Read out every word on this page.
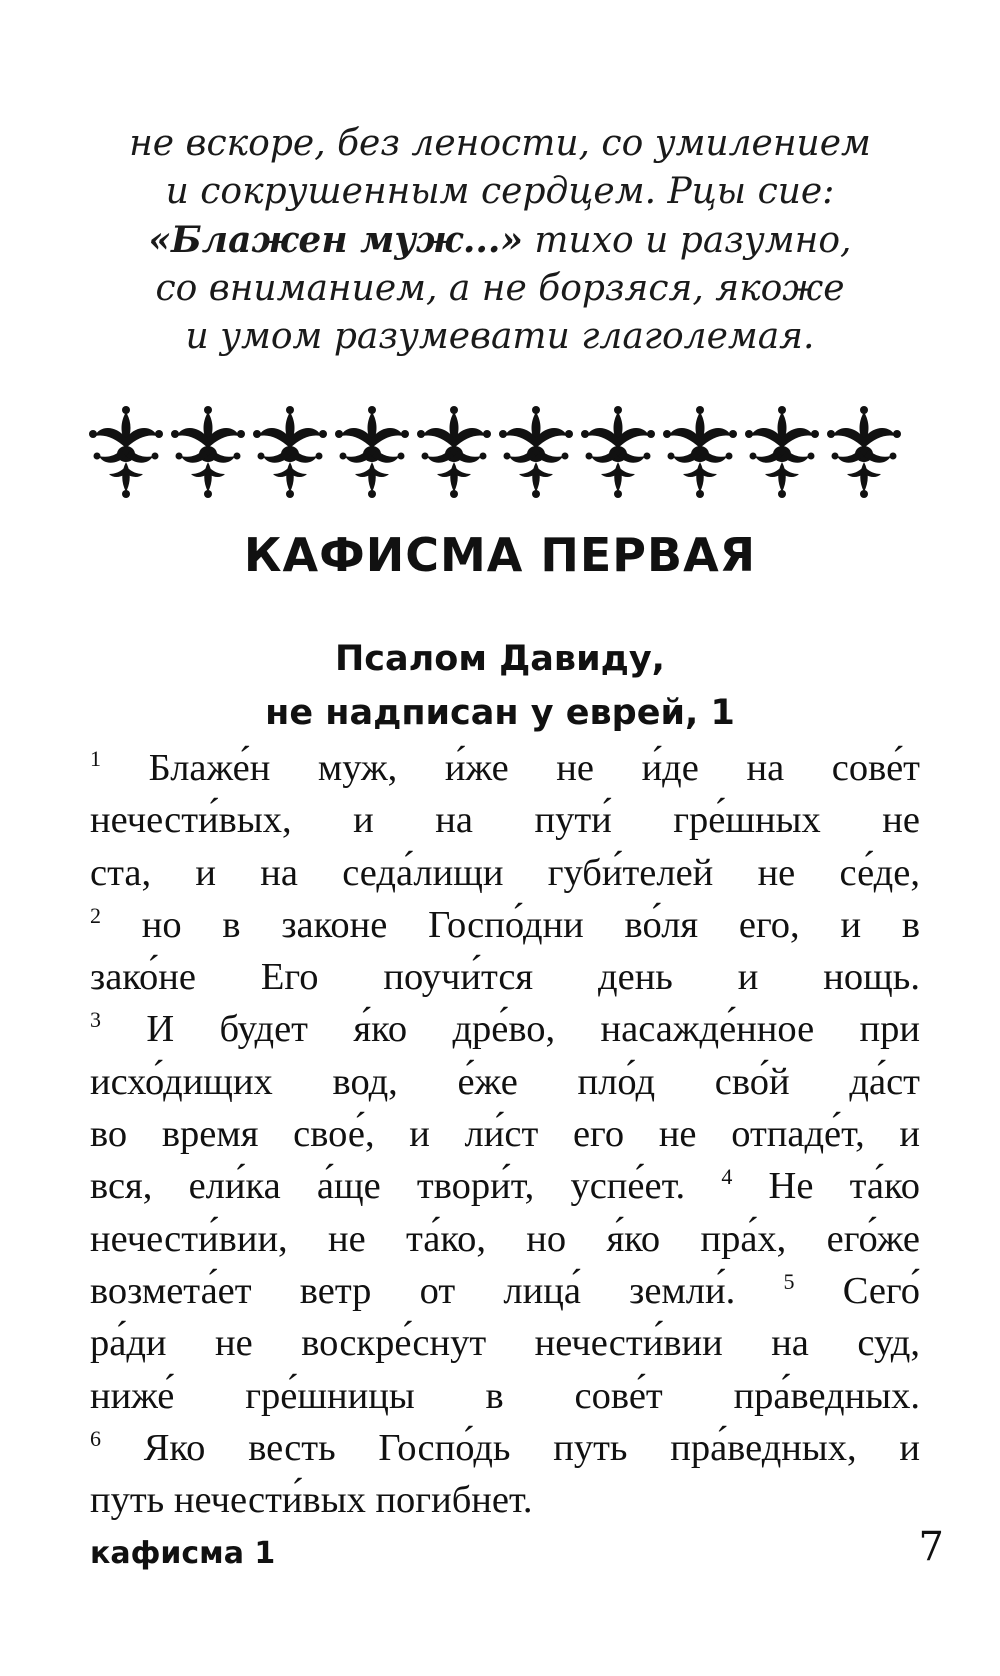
не вскоре, без лености, со умилением
и сокрушенным сердцем. Рцы сие:
«Блажен муж...» тихо и разумно,
со вниманием, а не борзяся, якоже
и умом разумевати глаголемая.
КАФИСМА ПЕРВАЯ
Псалом Давиду,
не надписан у еврей, 1
$^1$ Блаже́н муж, и́же не и́де на сове́т
нечести́вых, и на пути́ гре́шных не
ста, и на седа́лищи губи́телей не се́де,
$^2$ но в законе Госпо́дни во́ля его, и в
зако́не Его поучи́тся день и нощь.
$^3$ И будет я́ко дре́во, насажде́нное при
исхо́дищих вод, е́же пло́д сво́й да́ст
во время свое́, и ли́ст его не отпаде́т, и
вся, ели́ка а́ще твори́т, успе́ет. $^4$ Не та́ко
нечести́вии, не та́ко, но я́ко пра́х, его́же
возмета́ет ветр от лица́ земли́. $^5$ Сего́
ра́ди не воскре́снут нечести́вии на суд,
ниже́ гре́шницы в сове́т пра́ведных.
$^6$ Яко весть Госпо́дь путь пра́ведных, и
путь нечести́вых погибнет.
кафисма 1	7
